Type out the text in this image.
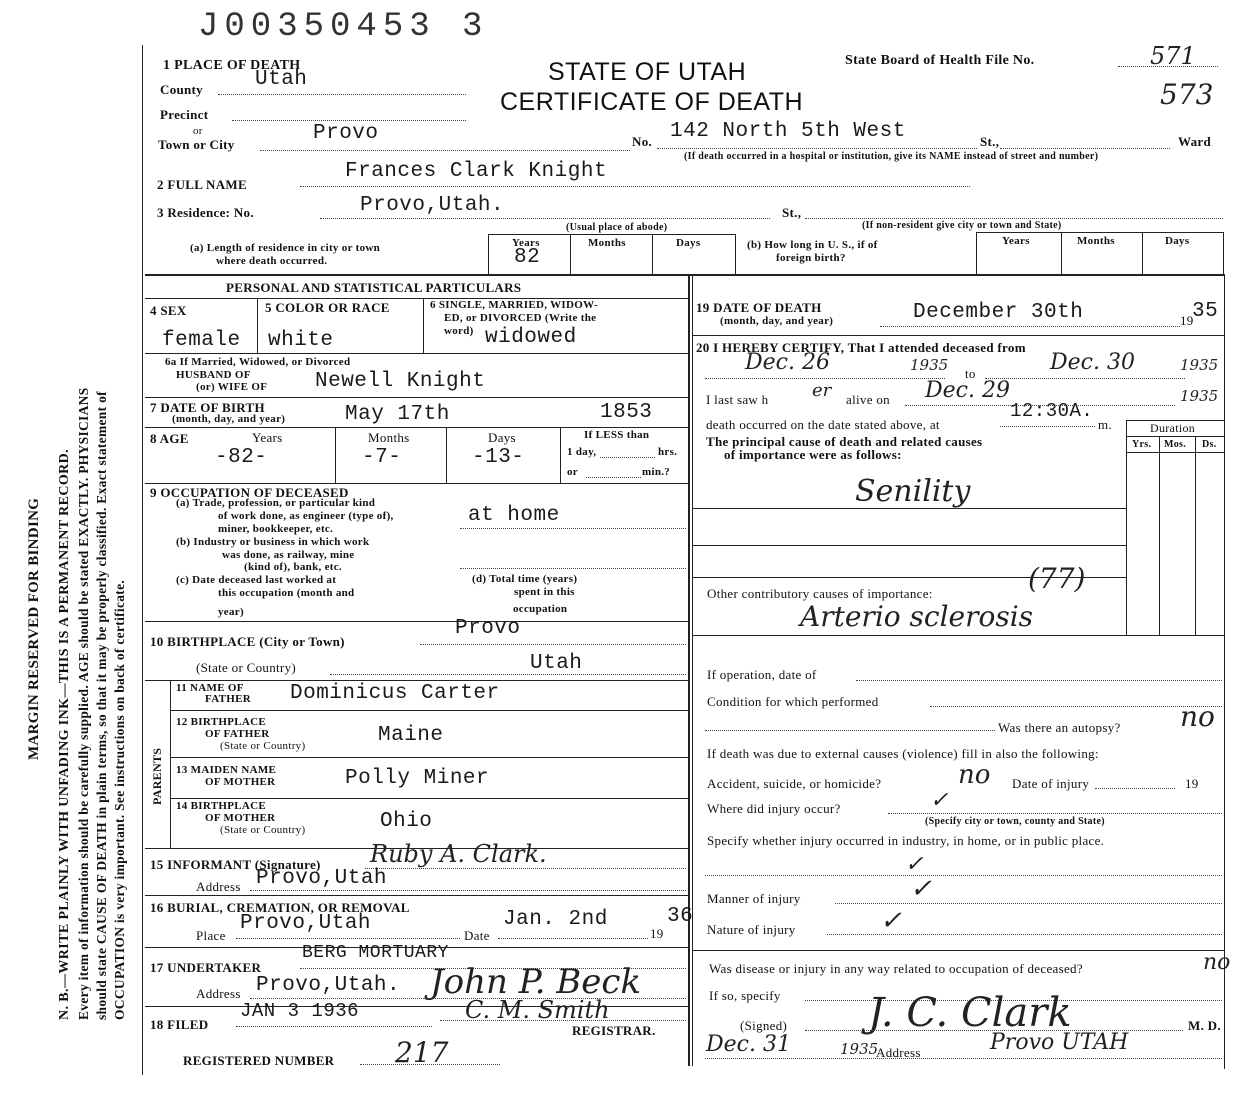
J00350453 3
MARGIN RESERVED FOR BINDING N. B.—WRITE PLAINLY WITH UNFADING INK—THIS IS A PERMANENT RECORD. Every item of information should be carefully supplied. AGE should be stated EXACTLY. PHYSICIANS should state CAUSE OF DEATH in plain terms, so that it may be properly classified. Exact statement of OCCUPATION is very important. See instructions on back of certificate.
1 PLACE OF DEATH	STATE OF UTAH
CERTIFICATE OF DEATH
State Board of Health File No.	571
573
County Utah
Precinct
or
Town or City	Provo	No. 142 North 5th West	St.,	Ward
(If death occurred in a hospital or institution, give its NAME instead of street and number)
2 FULL NAME
Frances Clark Knight
3 Residence: No.	Provo,Utah.	St.,
(Usual place of abode)	(If non-resident give city or town and State)
(a) Length of residence in city or town
where death occurred.
Years
82
Months	Days	(b) How long in U. S., if of
foreign birth?
Years	Months	Days
PERSONAL AND STATISTICAL PARTICULARS
4 SEX
female
5 COLOR OR RACE
white
6 SINGLE, MARRIED, WIDOW-
ED, or DIVORCED (Write the
word) widowed
6a If Married, Widowed, or Divorced
HUSBAND OF
(or) WIFE OF Newell Knight
7 DATE OF BIRTH
(month, day, and year)	May 17th	1853
8 AGE	Years
-82-
Months
-7-
Days
-13-
If LESS than
1 day,	hrs.
or	min.?
9 OCCUPATION OF DECEASED
(a) Trade, profession, or particular kind
of work done, as engineer (type of),
miner, bookkeeper, etc.
at home
(b) Industry or business in which work
was done, as railway, mine
(kind of), bank, etc.
(c) Date deceased last worked at
this occupation (month and
year)
(d) Total time (years)
spent in this
occupation
10 BIRTHPLACE (City or Town)
Provo
(State or Country)	Utah
PARENTS
11 NAME OF
FATHER Dominicus Carter
12 BIRTHPLACE
OF FATHER
(State or Country)	Maine
13 MAIDEN NAME
OF MOTHER	Polly Miner
14 BIRTHPLACE
OF MOTHER
(State or Country)	Ohio
15 INFORMANT (Signature) Ruby A. Clark.
Address Provo,Utah
16 BURIAL, CREMATION, OR REMOVAL
Place
Provo,Utah
Date
Jan. 2nd
19
36
17 UNDERTAKER
BERG MORTUARY
John P. Beck
Address Provo,Utah.
18 FILED
JAN 3 1936	C. M. Smith
REGISTRAR.
REGISTERED NUMBER 217
19 DATE OF DEATH
(month, day, and year)	December 30th	19
35
20 I HEREBY CERTIFY, That I attended deceased from
Dec. 26	1935 to	Dec. 30	1935
I last saw h er alive on Dec. 29	1935
death occurred on the date stated above, at
12:30A.
m.	Duration
Yrs. Mos. Ds.
The principal cause of death and related causes
of importance were as follows:
Senility
Other contributory causes of importance:	(77)
Arterio sclerosis
If operation, date of
Condition for which performed
Was there an autopsy? no
If death was due to external causes (violence) fill in also the following:
Accident, suicide, or homicide?	no Date of injury	19
Where did injury occur?	✓
(Specify city or town, county and State)
Specify whether injury occurred in industry, in home, or in public place.
✓
Manner of injury	✓
Nature of injury	✓
Was disease or injury in any way related to occupation of deceased?	no
If so, specify
(Signed) J. C. Clark	M. D.
Dec. 31	1935
Address	Provo UTAH
